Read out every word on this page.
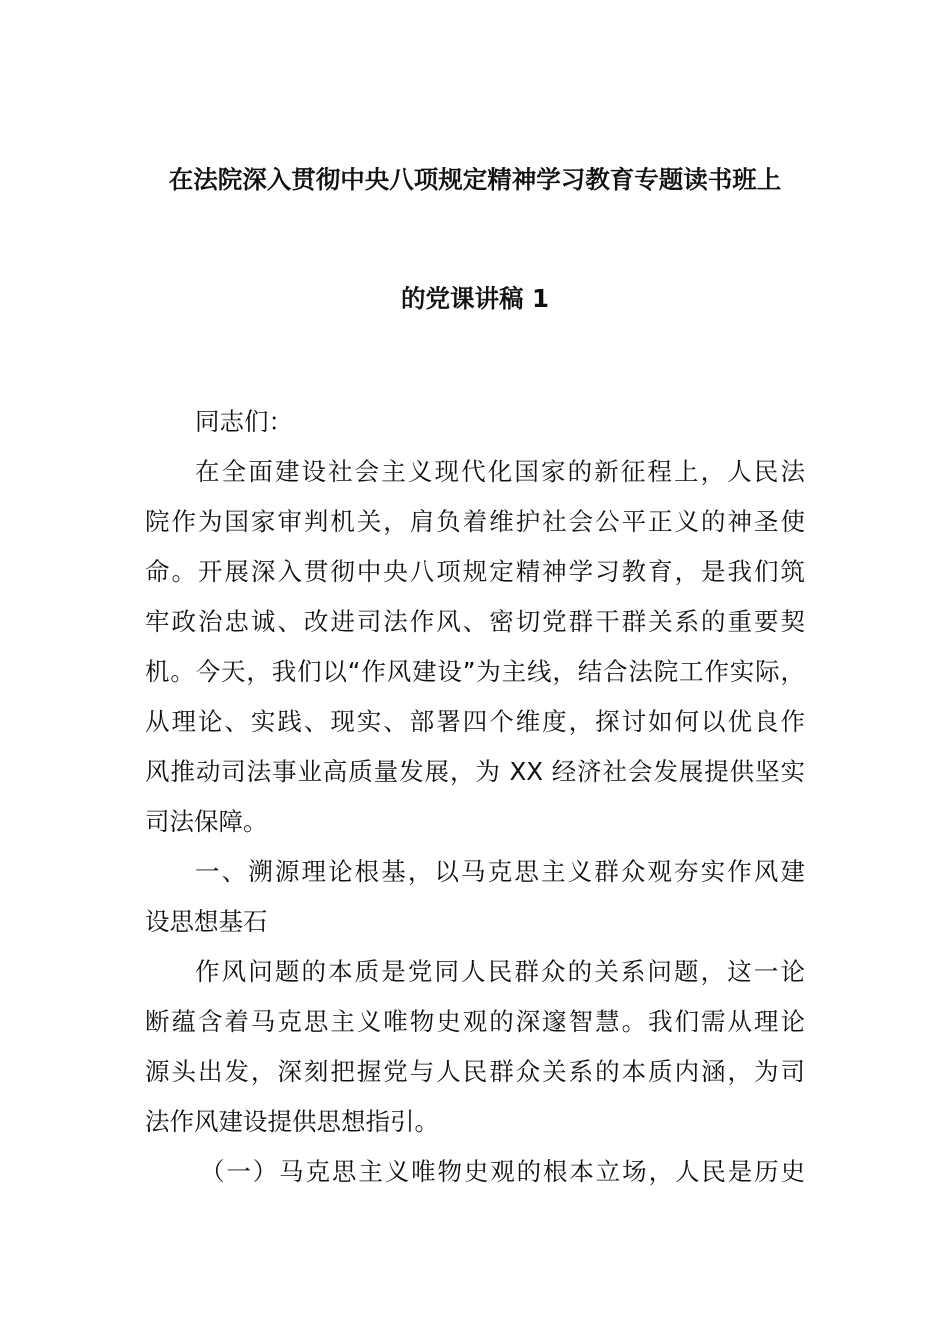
在法院深入贯彻中央八项规定精神学习教育专题读书班上
的党课讲稿 1
同志们：
在全面建设社会主义现代化国家的新征程上，人民法
院作为国家审判机关，肩负着维护社会公平正义的神圣使
命。开展深入贯彻中央八项规定精神学习教育，是我们筑
牢政治忠诚、改进司法作风、密切党群干群关系的重要契
机。今天，我们以“作风建设”为主线，结合法院工作实际，
从理论、实践、现实、部署四个维度，探讨如何以优良作
风推动司法事业高质量发展，为 XX 经济社会发展提供坚实
司法保障。
一、溯源理论根基，以马克思主义群众观夯实作风建
设思想基石
作风问题的本质是党同人民群众的关系问题，这一论
断蕴含着马克思主义唯物史观的深邃智慧。我们需从理论
源头出发，深刻把握党与人民群众关系的本质内涵，为司
法作风建设提供思想指引。
（一）马克思主义唯物史观的根本立场，人民是历史
